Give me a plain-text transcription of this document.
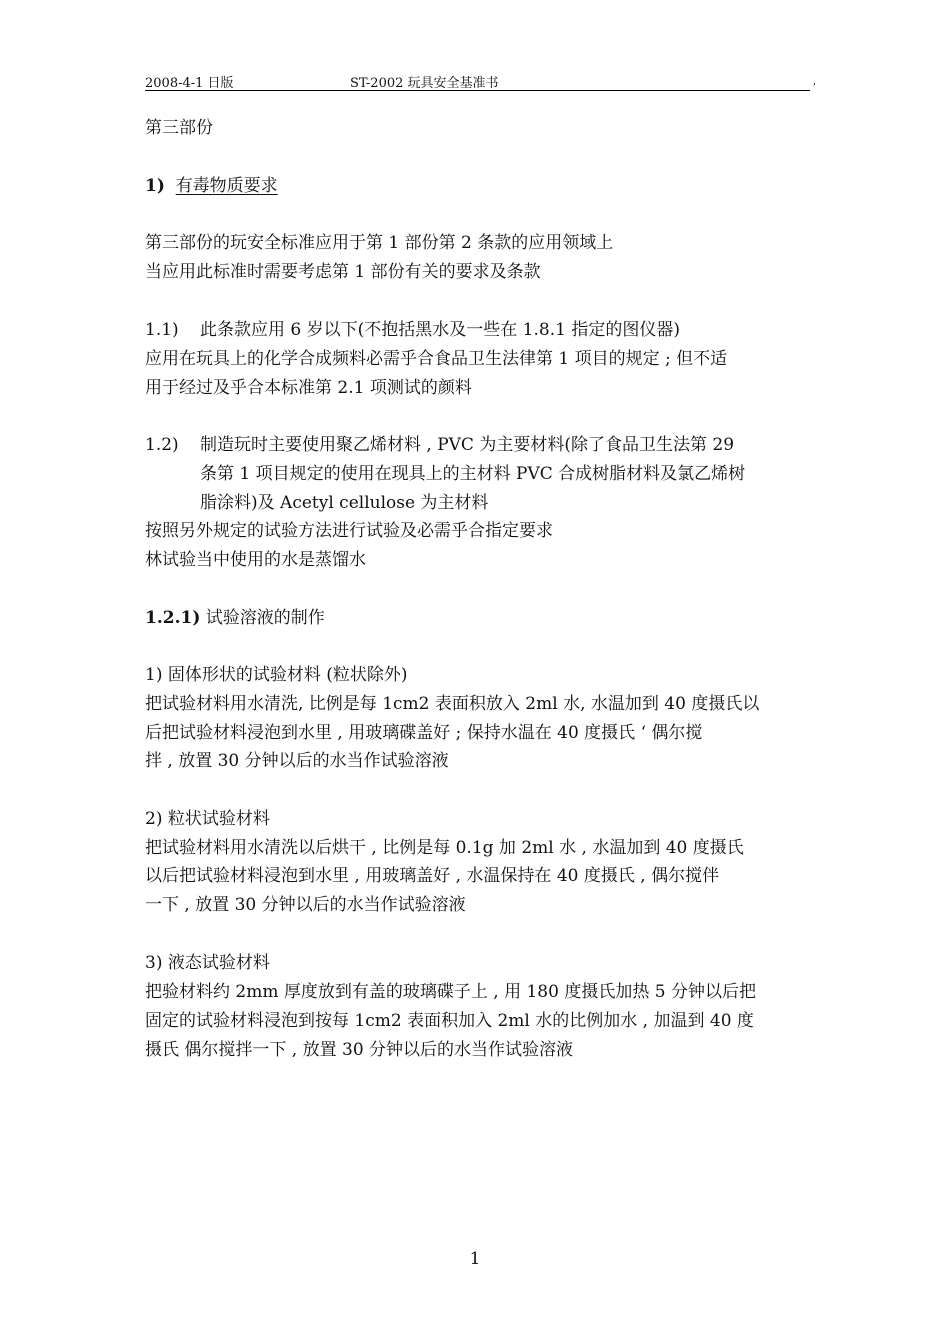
2008-4-1 日版	ST-2002 玩具安全基准书	,
第三部份
1) 有毒物质要求
第三部份的玩安全标准应用于第 1 部份第 2 条款的应用领域上
当应用此标准时需要考虑第 1 部份有关的要求及条款
1.1) 此条款应用 6 岁以下(不抱括黑水及一些在 1.8.1 指定的图仪器)
应用在玩具上的化学合成频料必需乎合食品卫生法律第 1 项目的规定 ; 但不适
用于经过及乎合本标准第 2.1 项测试的颜料
1.2) 制造玩时主要使用聚乙烯材料 , PVC 为主要材料(除了食品卫生法第 29
条第 1 项目规定的使用在现具上的主材料 PVC 合成树脂材料及氯乙烯树
脂涂料)及 Acetyl cellulose 为主材料
按照另外规定的试验方法进行试验及必需乎合指定要求
林试验当中使用的水是蒸馏水
1.2.1) 试验溶液的制作
1) 固体形状的试验材料 (粒状除外)
把试验材料用水清洗, 比例是每 1cm2 表面积放入 2ml 水, 水温加到 40 度摄氏以
后把试验材料浸泡到水里 , 用玻璃碟盖好 ; 保持水温在 40 度摄氏 ‘ 偶尔搅
拌 , 放置 30 分钟以后的水当作试验溶液
2) 粒状试验材料
把试验材料用水清洗以后烘干 , 比例是每 0.1g 加 2ml 水 , 水温加到 40 度摄氏
以后把试验材料浸泡到水里 , 用玻璃盖好 , 水温保持在 40 度摄氏 , 偶尔搅伴
一下 , 放置 30 分钟以后的水当作试验溶液
3) 液态试验材料
把验材料约 2mm 厚度放到有盖的玻璃碟子上 , 用 180 度摄氏加热 5 分钟以后把
固定的试验材料浸泡到按每 1cm2 表面积加入 2ml 水的比例加水 , 加温到 40 度
摄氏 偶尔搅拌一下 , 放置 30 分钟以后的水当作试验溶液
1
